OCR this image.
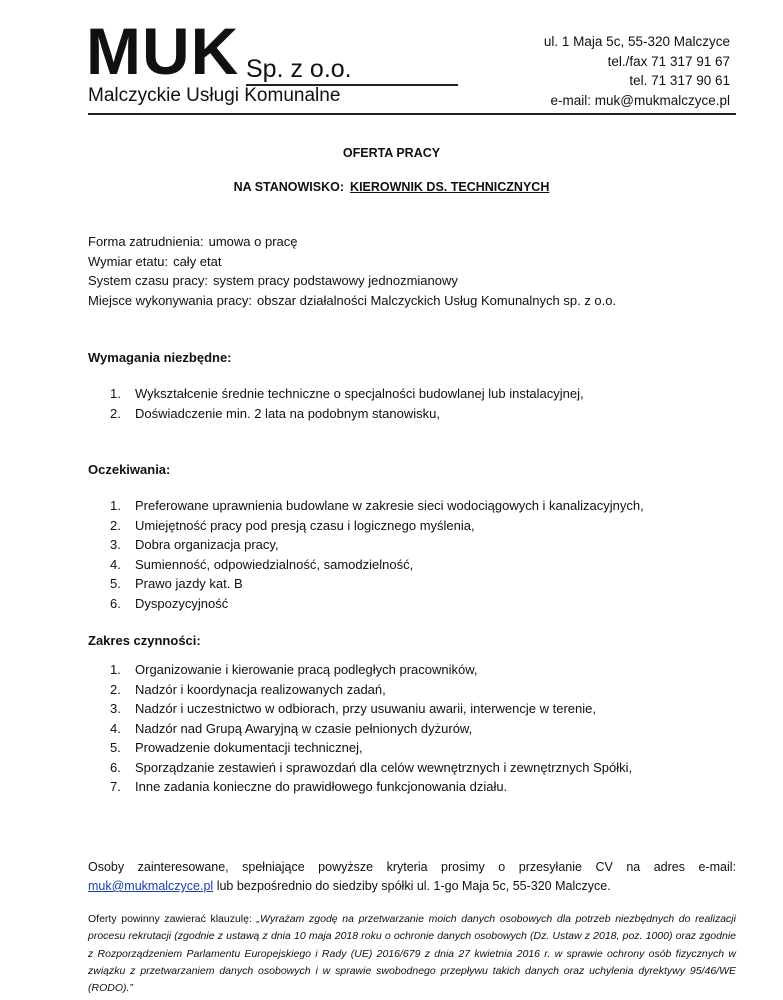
MUK Sp. z o.o.
Malczyckie Usługi Komunalne
ul. 1 Maja 5c, 55-320 Malczyce
tel./fax 71 317 91 67
tel. 71 317 90 61
e-mail: muk@mukmalczyce.pl
OFERTA PRACY
NA STANOWISKO: KIEROWNIK DS. TECHNICZNYCH
Forma zatrudnienia: umowa o pracę
Wymiar etatu: cały etat
System czasu pracy: system pracy podstawowy jednozmianowy
Miejsce wykonywania pracy: obszar działalności Malczyckich Usług Komunalnych sp. z o.o.
Wymagania niezbędne:
1. Wykształcenie średnie techniczne o specjalności budowlanej lub instalacyjnej,
2. Doświadczenie min. 2 lata na podobnym stanowisku,
Oczekiwania:
1. Preferowane uprawnienia budowlane w zakresie sieci wodociągowych i kanalizacyjnych,
2. Umiejętność pracy pod presją czasu i logicznego myślenia,
3. Dobra organizacja pracy,
4. Sumienność, odpowiedzialność, samodzielność,
5. Prawo jazdy kat. B
6. Dyspozycyjność
Zakres czynności:
1. Organizowanie i kierowanie pracą podległych pracowników,
2. Nadzór i koordynacja realizowanych zadań,
3. Nadzór i uczestnictwo w odbiorach, przy usuwaniu awarii, interwencje w terenie,
4. Nadzór nad Grupą Awaryjną w czasie pełnionych dyżurów,
5. Prowadzenie dokumentacji technicznej,
6. Sporządzanie zestawień i sprawozdań dla celów wewnętrznych i zewnętrznych Spółki,
7. Inne zadania konieczne do prawidłowego funkcjonowania działu.
Osoby zainteresowane, spełniające powyższe kryteria prosimy o przesyłanie CV na adres e-mail:
muk@mukmalczyce.pl lub bezpośrednio do siedziby spółki ul. 1-go Maja 5c, 55-320 Malczyce.
Oferty powinny zawierać klauzulę: „Wyrażam zgodę na przetwarzanie moich danych osobowych dla potrzeb niezbędnych do realizacji procesu rekrutacji (zgodnie z ustawą z dnia 10 maja 2018 roku o ochronie danych osobowych (Dz. Ustaw z 2018, poz. 1000) oraz zgodnie z Rozporządzeniem Parlamentu Europejskiego i Rady (UE) 2016/679 z dnia 27 kwietnia 2016 r. w sprawie ochrony osób fizycznych w związku z przetwarzaniem danych osobowych i w sprawie swobodnego przepływu takich danych oraz uchylenia dyrektywy 95/46/WE (RODO).”
